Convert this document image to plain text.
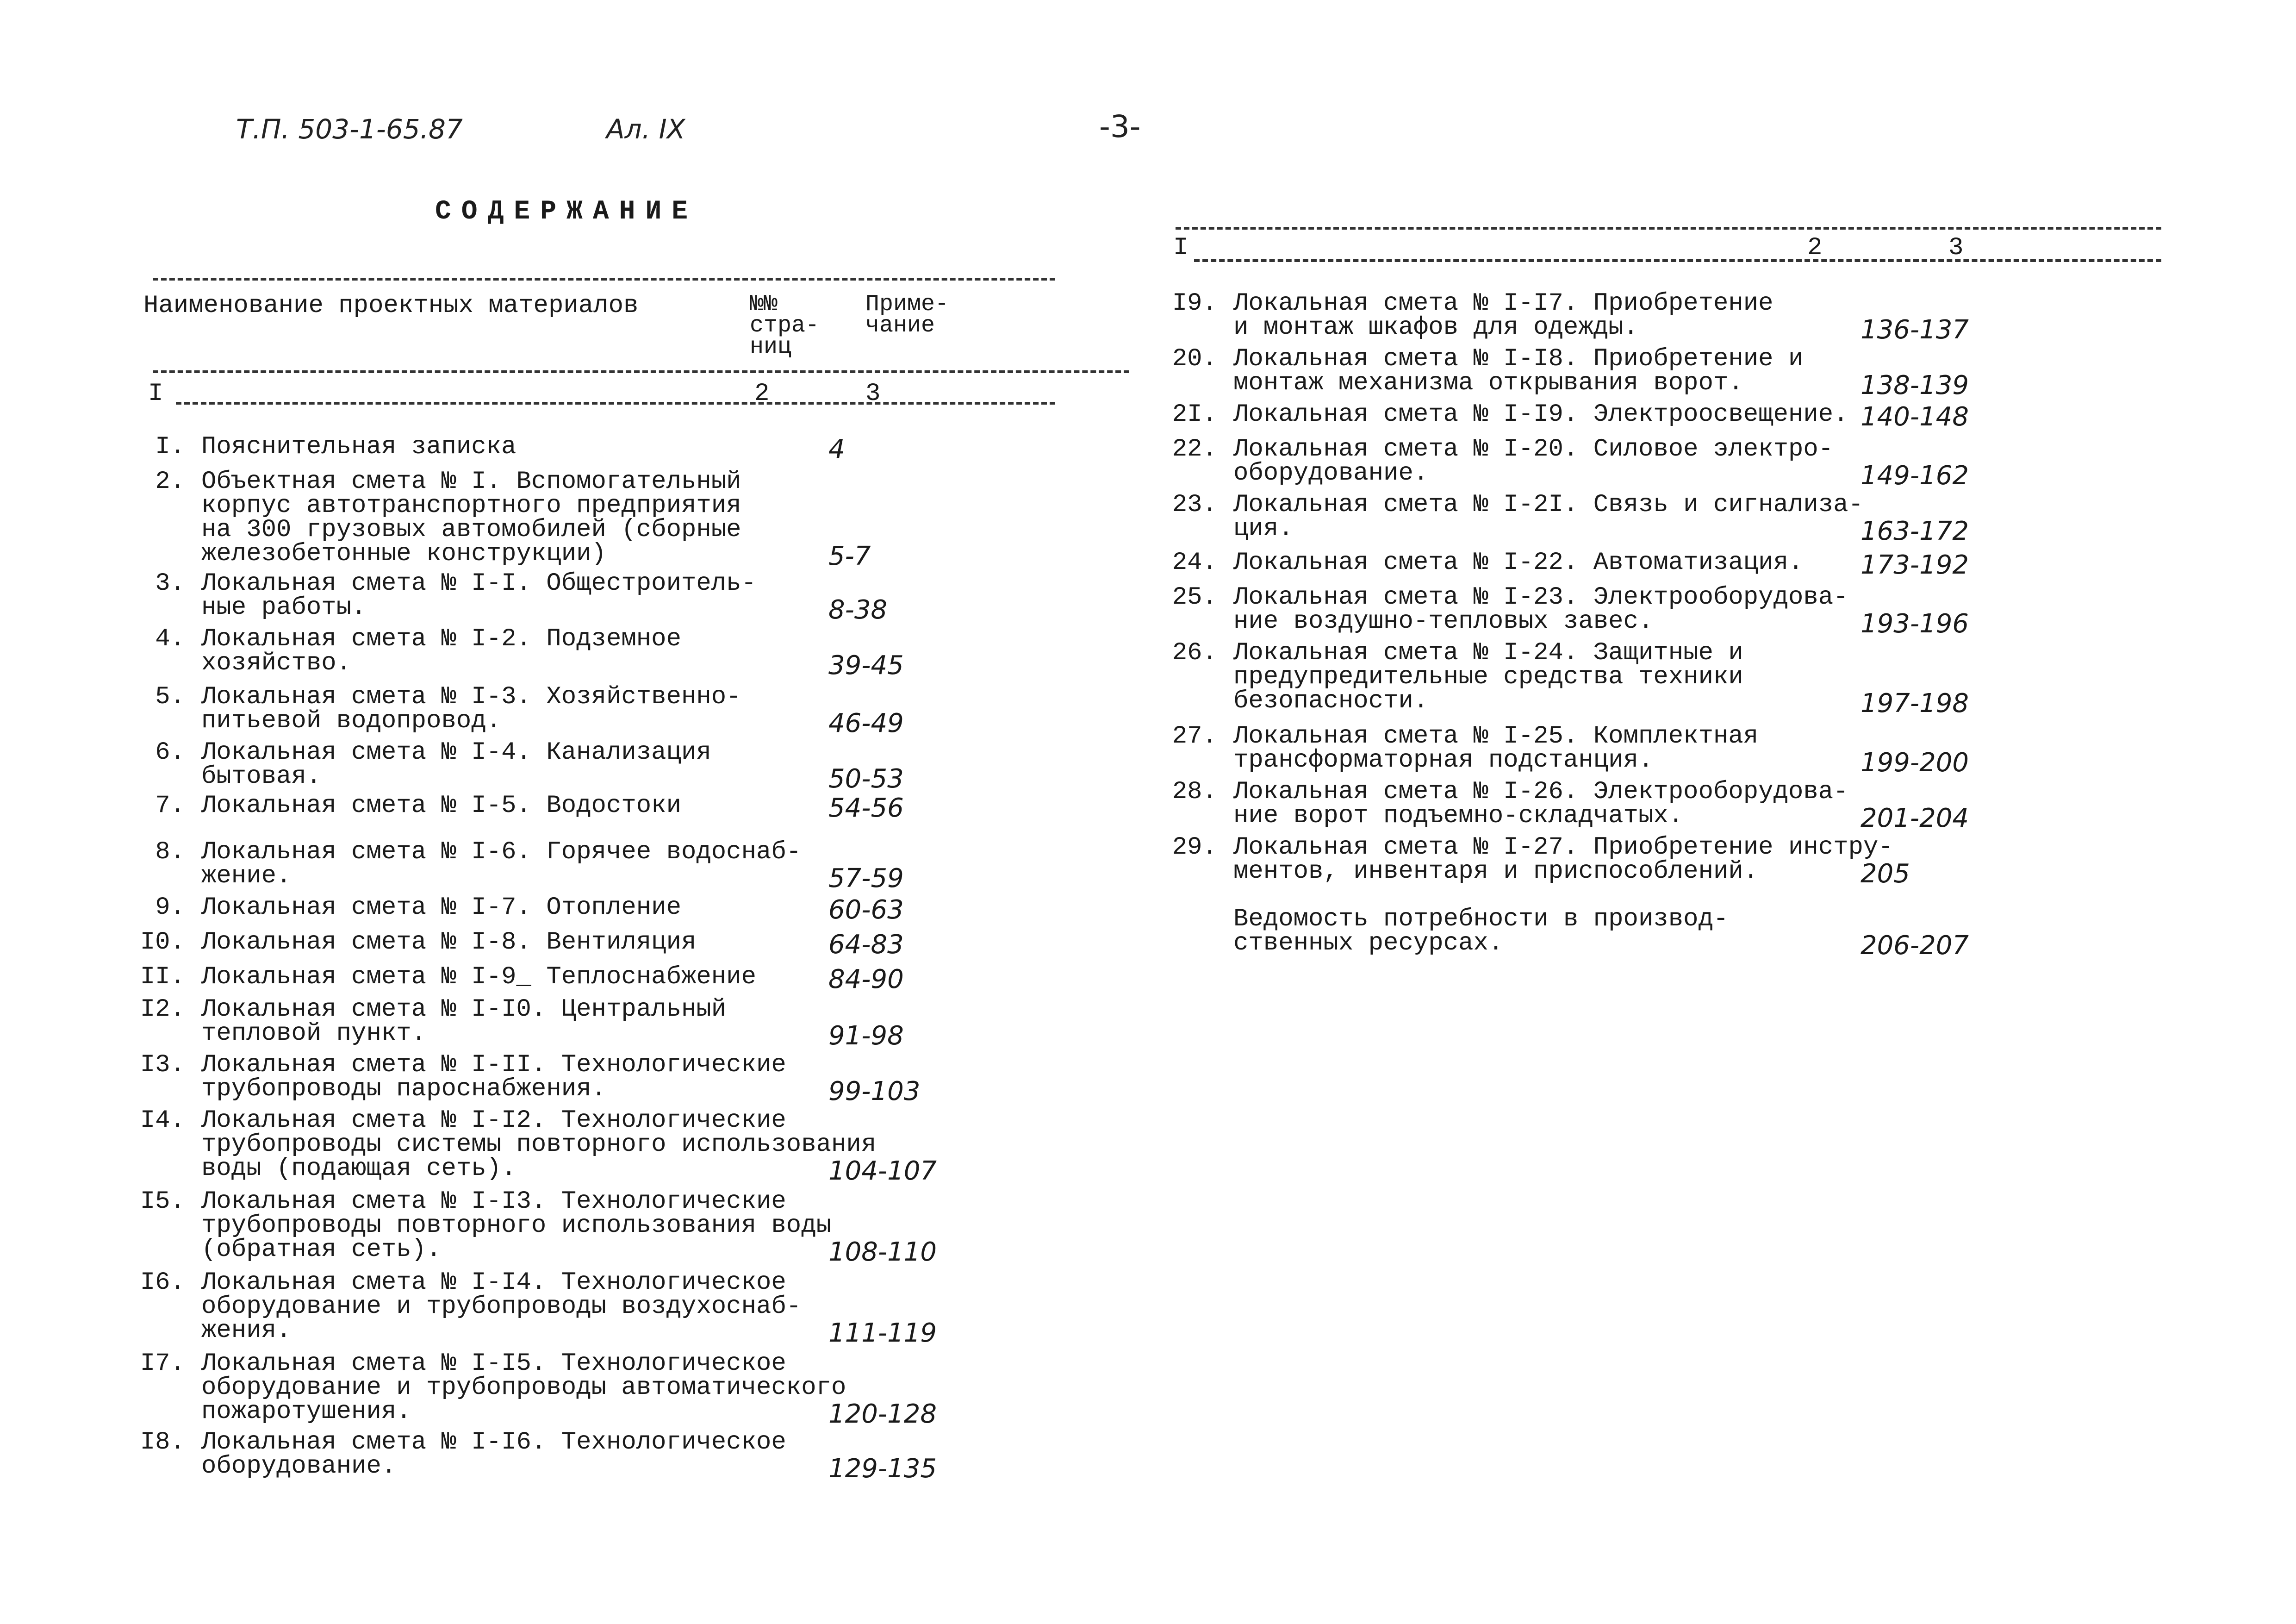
Т.П. 503-1-65.87	Ал. IX	-3-
СОДЕРЖАНИЕ
Наименование проектных материалов	№№
стра-
ниц
Приме-
чание
I	2	3
I. Пояснительная записка	4
2. Объектная смета № I. Вспомогательный
корпус автотранспортного предприятия
на 300 грузовых автомобилей (сборные
железобетонные конструкции)	5-7
3. Локальная смета № I-I. Общестроитель-
ные работы.	8-38
4. Локальная смета № I-2. Подземное
хозяйство.	39-45
5. Локальная смета № I-3. Хозяйственно-
питьевой водопровод.	46-49
6. Локальная смета № I-4. Канализация
бытовая.	50-53
7. Локальная смета № I-5. Водостоки	54-56
8. Локальная смета № I-6. Горячее водоснаб-
жение.	57-59
9. Локальная смета № I-7. Отопление	60-63
I0. Локальная смета № I-8. Вентиляция	64-83
II. Локальная смета № I-9_ Теплоснабжение	84-90
I2. Локальная смета № I-I0. Центральный
тепловой пункт.	91-98
I3. Локальная смета № I-II. Технологические
трубопроводы пароснабжения.	99-103
I4. Локальная смета № I-I2. Технологические
трубопроводы системы повторного использования
воды (подающая сеть).	104-107
I5. Локальная смета № I-I3. Технологические
трубопроводы повторного использования воды
(обратная сеть).	108-110
I6. Локальная смета № I-I4. Технологическое
оборудование и трубопроводы воздухоснаб-
жения.	111-119
I7. Локальная смета № I-I5. Технологическое
оборудование и трубопроводы автоматического
пожаротушения.	120-128
I8. Локальная смета № I-I6. Технологическое
оборудование.	129-135
I	2	3
I9. Локальная смета № I-I7. Приобретение
и монтаж шкафов для одежды.	136-137
20. Локальная смета № I-I8. Приобретение и
монтаж механизма открывания ворот.	138-139
2I. Локальная смета № I-I9. Электроосвещение. 140-148
22. Локальная смета № I-20. Силовое электро-
оборудование.	149-162
23. Локальная смета № I-2I. Связь и сигнализа-
ция.	163-172
24. Локальная смета № I-22. Автоматизация. 173-192
25. Локальная смета № I-23. Электрооборудова-
ние воздушно-тепловых завес.	193-196
26. Локальная смета № I-24. Защитные и
предупредительные средства техники
безопасности.	197-198
27. Локальная смета № I-25. Комплектная
трансформаторная подстанция.	199-200
28. Локальная смета № I-26. Электрооборудова-
ние ворот подъемно-складчатых.	201-204
29. Локальная смета № I-27. Приобретение инстру-
ментов, инвентаря и приспособлений.	205
Ведомость потребности в производ-
ственных ресурсах.	206-207
